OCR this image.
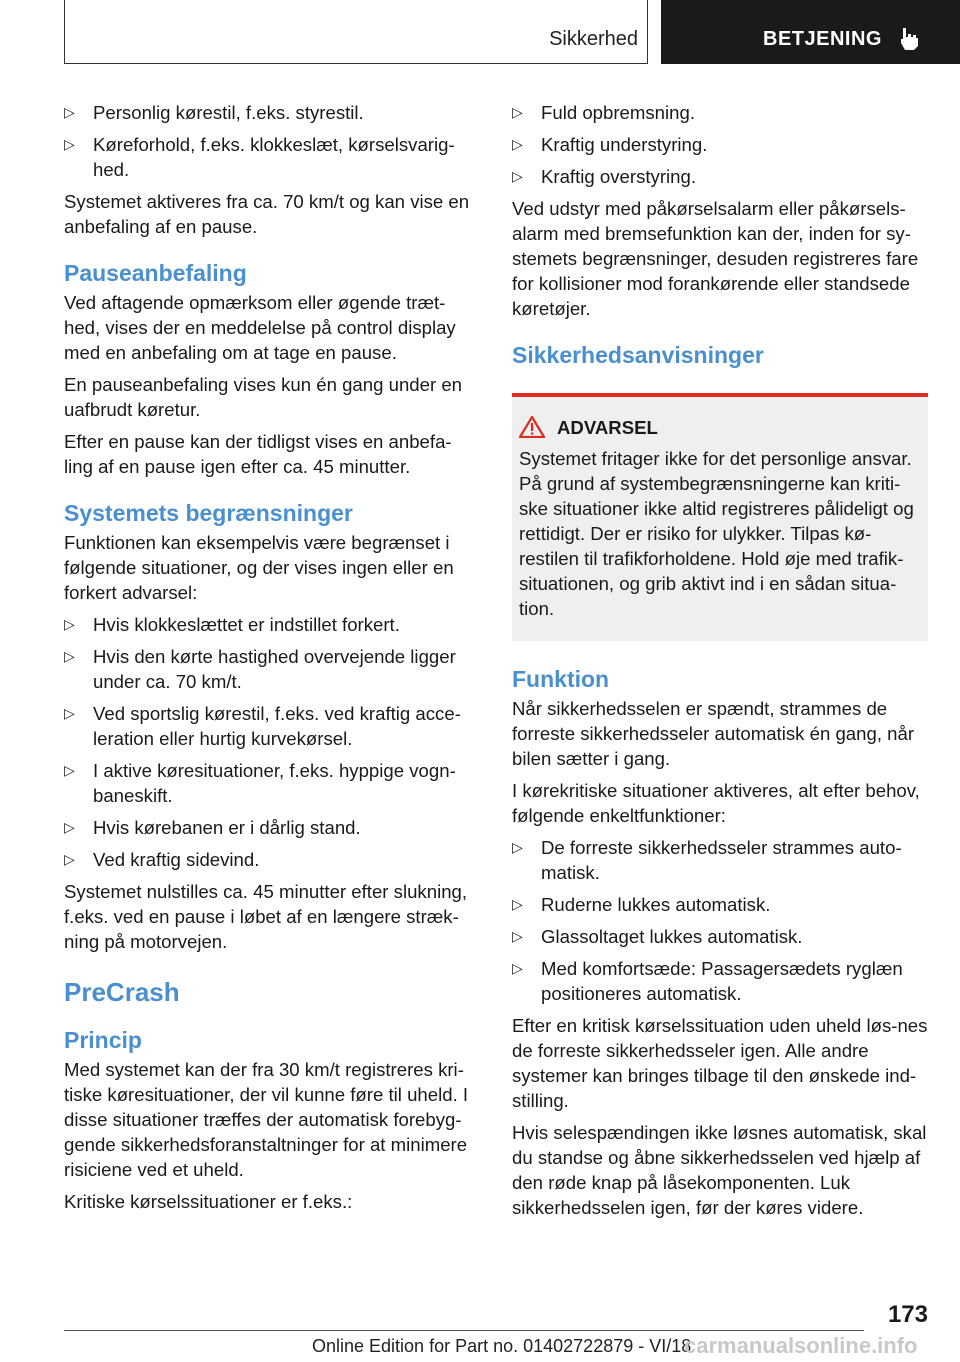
Sikkerhed	BETJENING
▷ Personlig kørestil, f.eks. styrestil.
▷ Køreforhold, f.eks. klokkeslæt, kørselsvarig-hed.

Systemet aktiveres fra ca. 70 km/t og kan vise en anbefaling af en pause.

Pauseanbefaling

Ved aftagende opmærksom eller øgende træt-hed, vises der en meddelelse på control display med en anbefaling om at tage en pause.

En pauseanbefaling vises kun én gang under en uafbrudt køretur.

Efter en pause kan der tidligst vises en anbefa-ling af en pause igen efter ca. 45 minutter.

Systemets begrænsninger

Funktionen kan eksempelvis være begrænset i følgende situationer, og der vises ingen eller en forkert advarsel:

▷ Hvis klokkeslættet er indstillet forkert.
▷ Hvis den kørte hastighed overvejende ligger under ca. 70 km/t.
▷ Ved sportslig kørestil, f.eks. ved kraftig acce-leration eller hurtig kurvekørsel.
▷ I aktive køresituationer, f.eks. hyppige vogn-baneskift.
▷ Hvis kørebanen er i dårlig stand.
▷ Ved kraftig sidevind.

Systemet nulstilles ca. 45 minutter efter slukning, f.eks. ved en pause i løbet af en længere stræk-ning på motorvejen.

PreCrash
Princip

Med systemet kan der fra 30 km/t registreres kri-tiske køresituationer, der vil kunne føre til uheld. I disse situationer træffes der automatisk forebyg-gende sikkerhedsforanstaltninger for at minimere risiciene ved et uheld.

Kritiske kørselssituationer er f.eks.:

▷ Fuld opbremsning.
▷ Kraftig understyring.
▷ Kraftig overstyring.

Ved udstyr med påkørselsalarm eller påkørsels-alarm med bremsefunktion kan der, inden for sy-stemets begrænsninger, desuden registreres fare for kollisioner mod forankørende eller standsede køretøjer.

Sikkerhedsanvisninger
ADVARSEL
Systemet fritager ikke for det personlige ansvar. På grund af systembegrænsningerne kan kriti-ske situationer ikke altid registreres pålideligt og rettidigt. Der er risiko for ulykker. Tilpas kø-restilen til trafikforholdene. Hold øje med trafik-situationen, og grib aktivt ind i en sådan situa-tion.
Funktion

Når sikkerhedsselen er spændt, strammes de forreste sikkerhedsseler automatisk én gang, når bilen sætter i gang.

I kørekritiske situationer aktiveres, alt efter behov, følgende enkeltfunktioner:

▷ De forreste sikkerhedsseler strammes auto-matisk.
▷ Ruderne lukkes automatisk.
▷ Glassoltaget lukkes automatisk.
▷ Med komfortsæde: Passagersædets ryglæn positioneres automatisk.

Efter en kritisk kørselssituation uden uheld løs-nes de forreste sikkerhedsseler igen. Alle andre systemer kan bringes tilbage til den ønskede ind-stilling.

Hvis selespændingen ikke løsnes automatisk, skal du standse og åbne sikkerhedsselen ved hjælp af den røde knap på låsekomponenten. Luk sikkerhedsselen igen, før der køres videre.

173
Online Edition for Part no. 01402722879 - VI/18
carmanualsonline.info
